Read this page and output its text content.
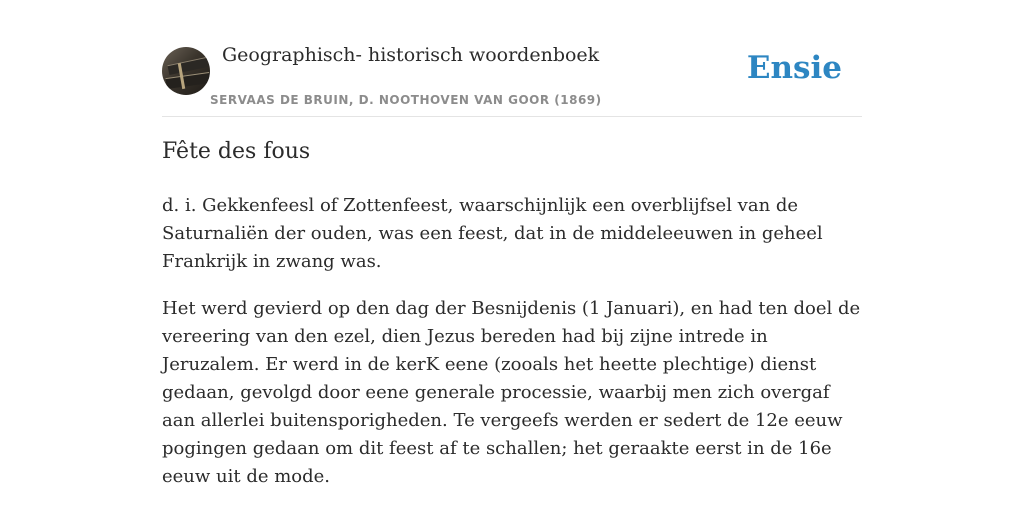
Geographisch- historisch woordenboek
SERVAAS DE BRUIN, D. NOOTHOVEN VAN GOOR (1869)
Ensie
Fête des fous

d. i. Gekkenfeesl of Zottenfeest, waarschijnlijk een overblijfsel van de Saturnaliën der ouden, was een feest, dat in de middeleeuwen in geheel Frankrijk in zwang was.

Het werd gevierd op den dag der Besnijdenis (1 Januari), en had ten doel de vereering van den ezel, dien Jezus bereden had bij zijne intrede in Jeruzalem. Er werd in de kerK eene (zooals het heette plechtige) dienst gedaan, gevolgd door eene generale processie, waarbij men zich overgaf aan allerlei buitensporigheden. Te vergeefs werden er sedert de 12e eeuw pogingen gedaan om dit feest af te schallen; het geraakte eerst in de 16e eeuw uit de mode.
